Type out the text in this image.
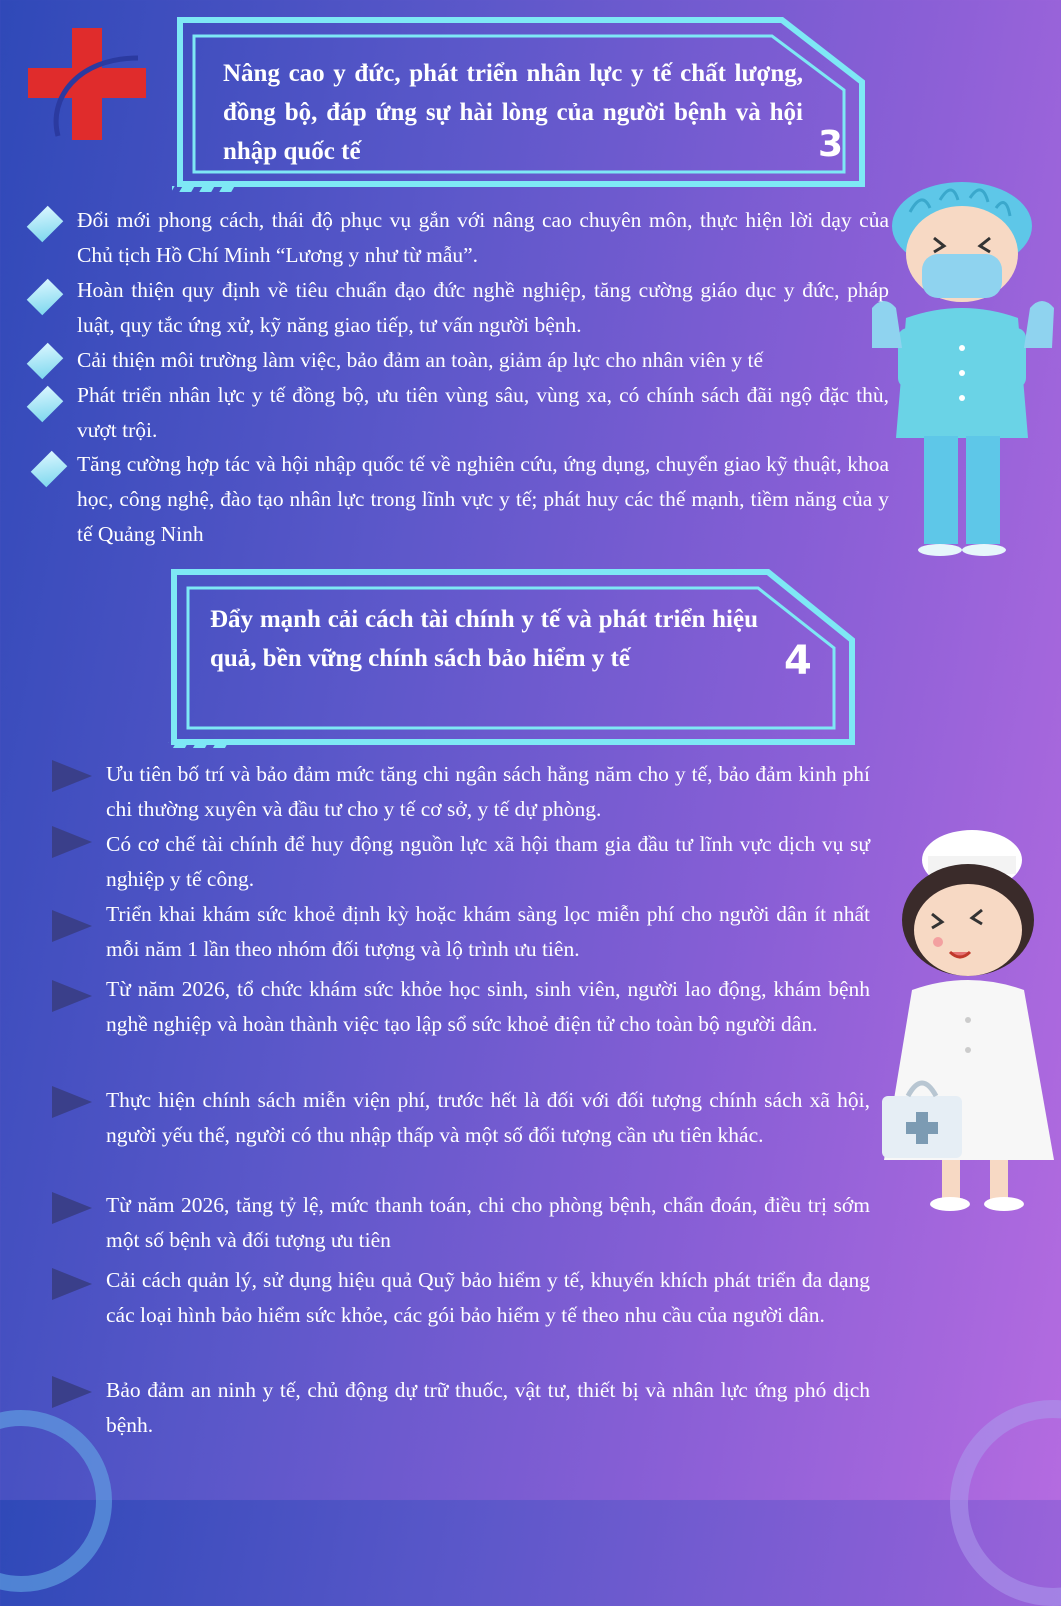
Nâng cao y đức, phát triển nhân lực y tế chất lượng, đồng bộ, đáp ứng sự hài lòng của người bệnh và hội nhập quốc tế	3
Đổi mới phong cách, thái độ phục vụ gắn với nâng cao chuyên môn, thực hiện lời dạy của Chủ tịch Hồ Chí Minh “Lương y như từ mẫu”.
Hoàn thiện quy định về tiêu chuẩn đạo đức nghề nghiệp, tăng cường giáo dục y đức, pháp luật, quy tắc ứng xử, kỹ năng giao tiếp, tư vấn người bệnh.
Cải thiện môi trường làm việc, bảo đảm an toàn, giảm áp lực cho nhân viên y tế
Phát triển nhân lực y tế đồng bộ, ưu tiên vùng sâu, vùng xa, có chính sách đãi ngộ đặc thù, vượt trội.
Tăng cường hợp tác và hội nhập quốc tế về nghiên cứu, ứng dụng, chuyển giao kỹ thuật, khoa học, công nghệ, đào tạo nhân lực trong lĩnh vực y tế; phát huy các thế mạnh, tiềm năng của y tế Quảng Ninh
Đẩy mạnh cải cách tài chính y tế và phát triển hiệu quả, bền vững chính sách bảo hiểm y tế	4
Ưu tiên bố trí và bảo đảm mức tăng chi ngân sách hằng năm cho y tế, bảo đảm kinh phí chi thường xuyên và đầu tư cho y tế cơ sở, y tế dự phòng.
Có cơ chế tài chính để huy động nguồn lực xã hội tham gia đầu tư lĩnh vực dịch vụ sự nghiệp y tế công.
Triển khai khám sức khoẻ định kỳ hoặc khám sàng lọc miễn phí cho người dân ít nhất mỗi năm 1 lần theo nhóm đối tượng và lộ trình ưu tiên.
Từ năm 2026, tổ chức khám sức khỏe học sinh, sinh viên, người lao động, khám bệnh nghề nghiệp và hoàn thành việc tạo lập sổ sức khoẻ điện tử cho toàn bộ người dân.
Thực hiện chính sách miễn viện phí, trước hết là đối với đối tượng chính sách xã hội, người yếu thế, người có thu nhập thấp và một số đối tượng cần ưu tiên khác.
Từ năm 2026, tăng tỷ lệ, mức thanh toán, chi cho phòng bệnh, chẩn đoán, điều trị sớm một số bệnh và đối tượng ưu tiên
Cải cách quản lý, sử dụng hiệu quả Quỹ bảo hiểm y tế, khuyến khích phát triển đa dạng các loại hình bảo hiểm sức khỏe, các gói bảo hiểm y tế theo nhu cầu của người dân.
Bảo đảm an ninh y tế, chủ động dự trữ thuốc, vật tư, thiết bị và nhân lực ứng phó dịch bệnh.
